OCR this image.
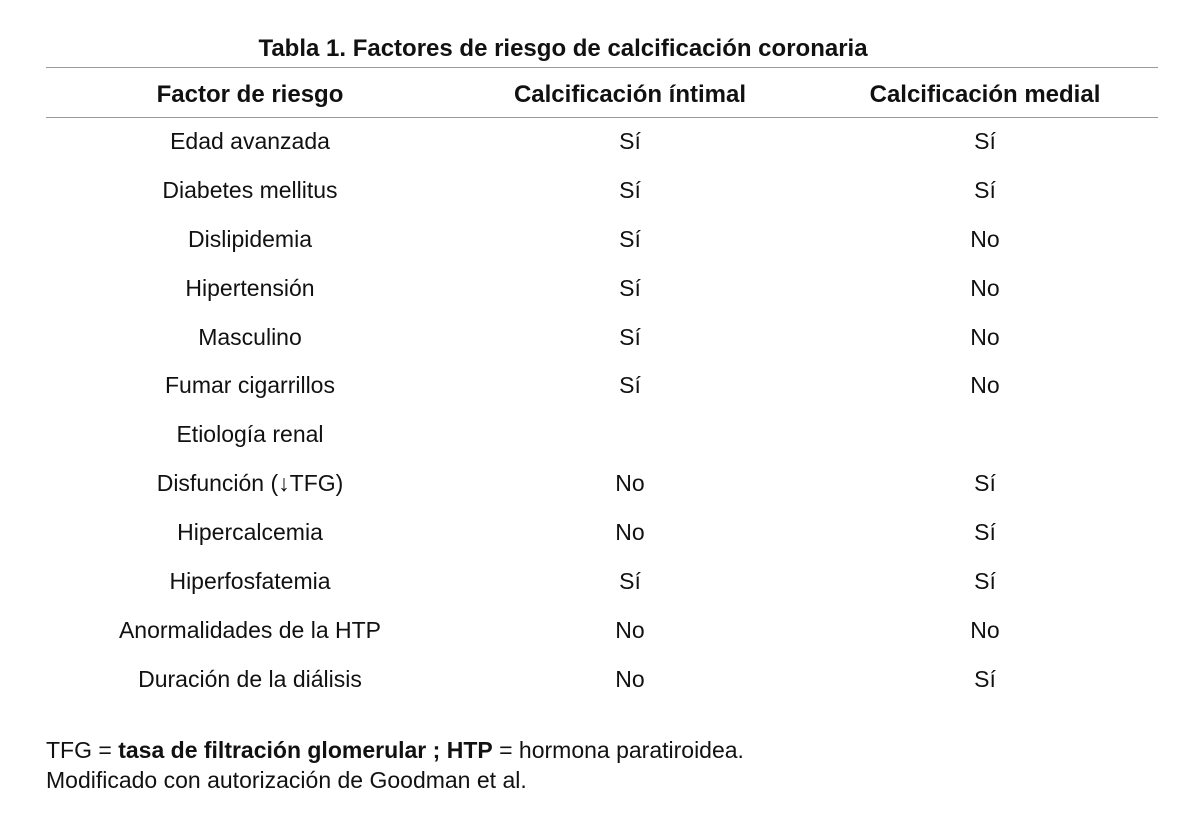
Tabla 1. Factores de riesgo de calcificación coronaria
Factor de riesgo	Calcificación íntimal	Calcificación medial
Edad avanzada	Sí	Sí
Diabetes mellitus	Sí	Sí
Dislipidemia	Sí	No
Hipertensión	Sí	No
Masculino	Sí	No
Fumar cigarrillos	Sí	No
Etiología renal
Disfunción (↓TFG)	No	Sí
Hipercalcemia	No	Sí
Hiperfosfatemia	Sí	Sí
Anormalidades de la HTP	No	No
Duración de la diálisis	No	Sí
TFG = tasa de filtración glomerular ; HTP = hormona paratiroidea.
Modificado con autorización de Goodman et al.
